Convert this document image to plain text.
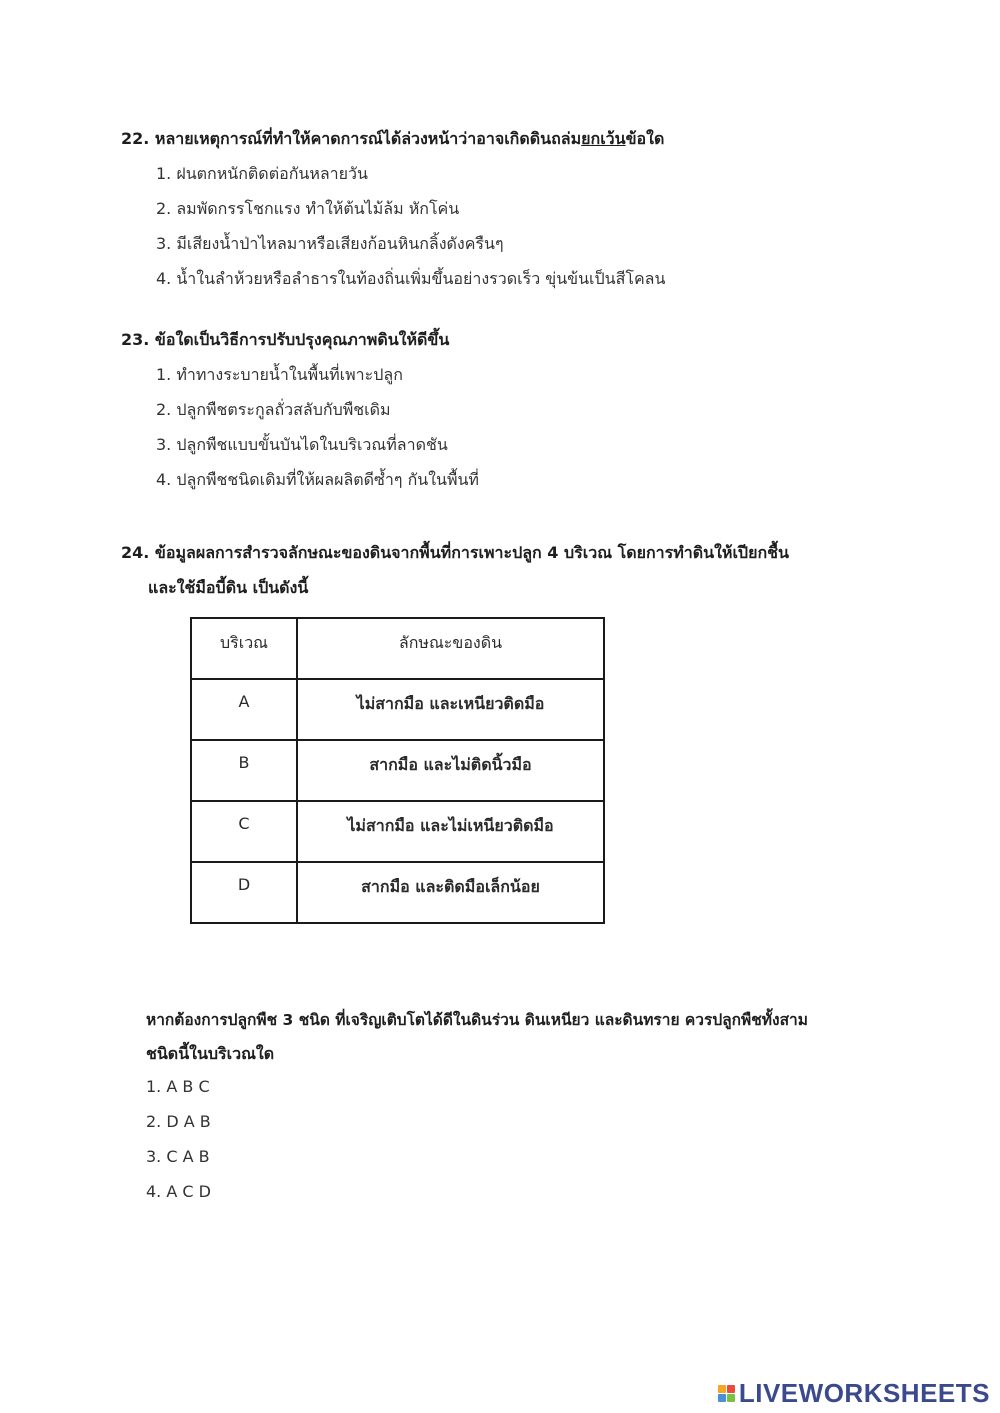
22. หลายเหตุการณ์ที่ทำให้คาดการณ์ได้ล่วงหน้าว่าอาจเกิดดินถล่มยกเว้นข้อใด
1. ฝนตกหนักติดต่อกันหลายวัน
2. ลมพัดกรรโชกแรง ทำให้ต้นไม้ล้ม หักโค่น
3. มีเสียงน้ำป่าไหลมาหรือเสียงก้อนหินกลิ้งดังครืนๆ
4. น้ำในลำห้วยหรือลำธารในท้องถิ่นเพิ่มขึ้นอย่างรวดเร็ว ขุ่นข้นเป็นสีโคลน
23. ข้อใดเป็นวิธีการปรับปรุงคุณภาพดินให้ดีขึ้น
1. ทำทางระบายน้ำในพื้นที่เพาะปลูก
2. ปลูกพืชตระกูลถั่วสลับกับพืชเดิม
3. ปลูกพืชแบบขั้นบันไดในบริเวณที่ลาดชัน
4. ปลูกพืชชนิดเดิมที่ให้ผลผลิตดีซ้ำๆ กันในพื้นที่
24. ข้อมูลผลการสำรวจลักษณะของดินจากพื้นที่การเพาะปลูก 4 บริเวณ โดยการทำดินให้เปียกชื้น
และใช้มือบี้ดิน เป็นดังนี้
บริเวณ	ลักษณะของดิน
A	ไม่สากมือ และเหนียวติดมือ
B	สากมือ และไม่ติดนิ้วมือ
C	ไม่สากมือ และไม่เหนียวติดมือ
D	สากมือ และติดมือเล็กน้อย
หากต้องการปลูกพืช 3 ชนิด ที่เจริญเติบโตได้ดีในดินร่วน ดินเหนียว และดินทราย ควรปลูกพืชทั้งสาม
ชนิดนี้ในบริเวณใด
1. A B C
2. D A B
3. C A B
4. A C D
LIVEWORKSHEETS
